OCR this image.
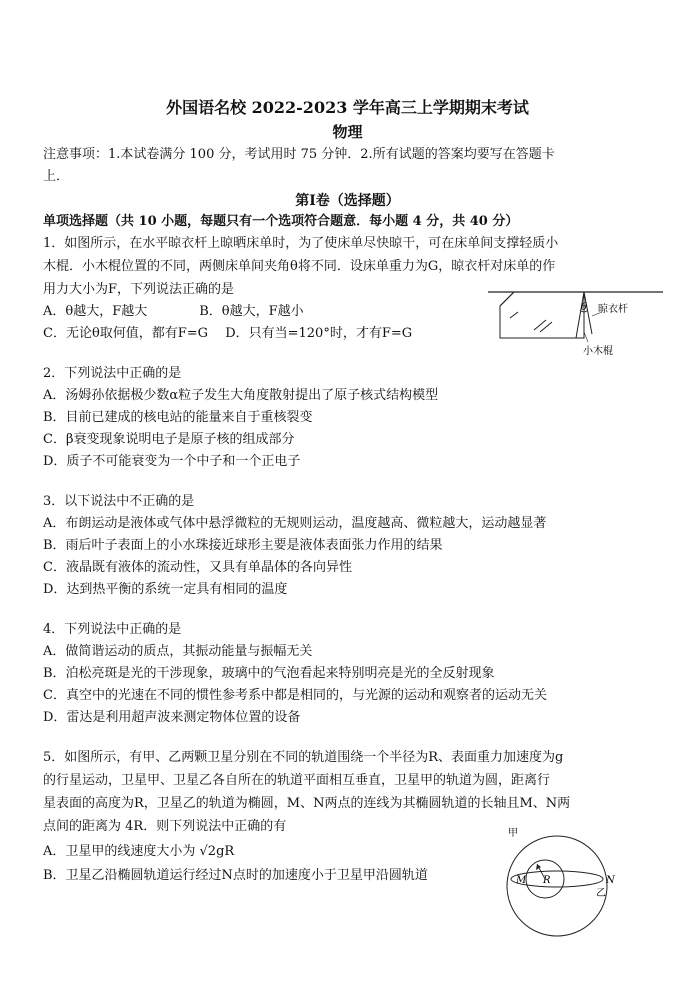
外国语名校 2022-2023 学年高三上学期期末考试
物理
注意事项：1.本试卷满分 100 分，考试用时 75 分钟．2.所有试题的答案均要写在答题卡
上．
第Ⅰ卷（选择题）
单项选择题（共 10 小题，每题只有一个选项符合题意．每小题 4 分，共 40 分）
1．如图所示，在水平晾衣杆上晾晒床单时，为了使床单尽快晾干，可在床单间支撑轻质小
木棍．小木棍位置的不同，两侧床单间夹角θ将不同．设床单重力为G，晾衣杆对床单的作
用力大小为F，下列说法正确的是
A．θ越大，F越大　　　　B．θ越大，F越小
C．无论θ取何值，都有F=G　 D．只有当=120°时，才有F=G
θ 晾衣杆
小木棍
2．下列说法中正确的是
A．汤姆孙依据极少数α粒子发生大角度散射提出了原子核式结构模型
B．目前已建成的核电站的能量来自于重核裂变
C．β衰变现象说明电子是原子核的组成部分
D．质子不可能衰变为一个中子和一个正电子
3．以下说法中不正确的是
A．布朗运动是液体或气体中悬浮微粒的无规则运动，温度越高、微粒越大，运动越显著
B．雨后叶子表面上的小水珠接近球形主要是液体表面张力作用的结果
C．液晶既有液体的流动性，又具有单晶体的各向异性
D．达到热平衡的系统一定具有相同的温度
4．下列说法中正确的是
A．做简谐运动的质点，其振动能量与振幅无关
B．泊松亮斑是光的干涉现象，玻璃中的气泡看起来特别明亮是光的全反射现象
C．真空中的光速在不同的惯性参考系中都是相同的，与光源的运动和观察者的运动无关
D．雷达是利用超声波来测定物体位置的设备
5．如图所示，有甲、乙两颗卫星分别在不同的轨道围绕一个半径为R、表面重力加速度为g
的行星运动，卫星甲、卫星乙各自所在的轨道平面相互垂直，卫星甲的轨道为圆，距离行
星表面的高度为R，卫星乙的轨道为椭圆，M、N两点的连线为其椭圆轨道的长轴且M、N两
点间的距离为 4R．则下列说法中正确的有
A．卫星甲的线速度大小为 √2gR
B．卫星乙沿椭圆轨道运行经过N点时的加速度小于卫星甲沿圆轨道	R
M	N
甲
乙
